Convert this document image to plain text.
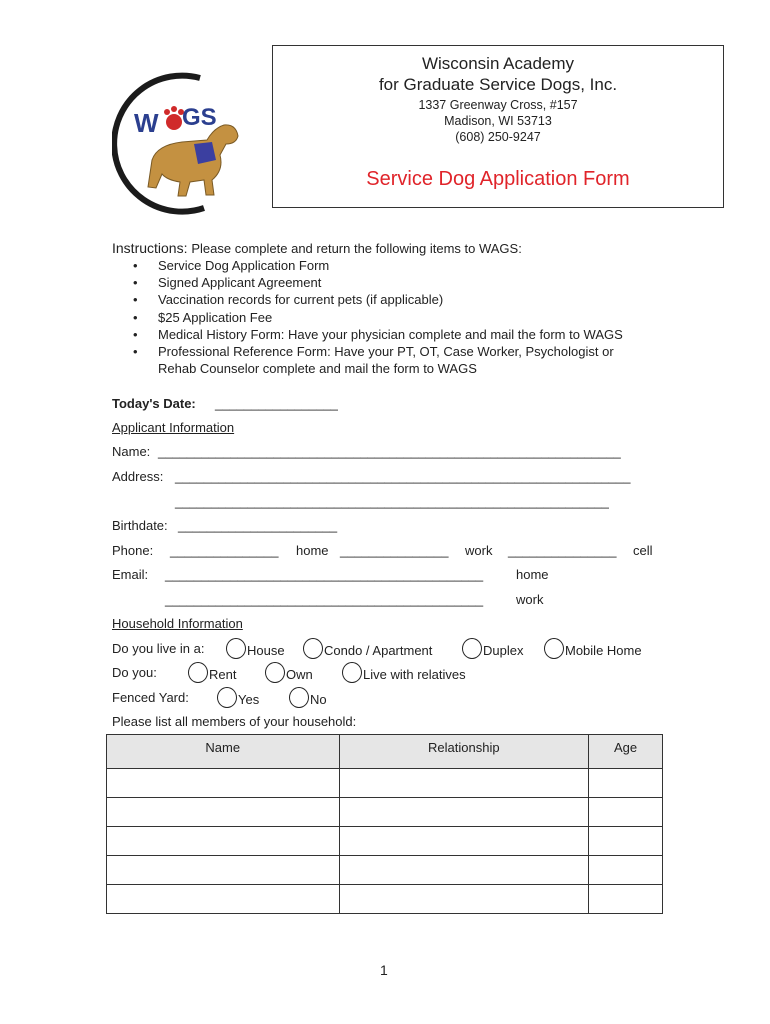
W GS
Wisconsin Academy
for Graduate Service Dogs, Inc.
1337 Greenway Cross, #157
Madison, WI 53713
(608) 250-9247
Service Dog Application Form
Instructions: Please complete and return the following items to WAGS:
• Service Dog Application Form
• Signed Applicant Agreement
• Vaccination records for current pets (if applicable)
• $25 Application Fee
• Medical History Form: Have your physician complete and mail the form to WAGS
• Professional Reference Form: Have your PT, OT, Case Worker, Psychologist or
Rehab Counselor complete and mail the form to WAGS
Today's Date: _________________
Applicant Information
Name: ________________________________________________________________
Address: _______________________________________________________________
____________________________________________________________
Birthdate: ______________________
Phone: _______________ home _______________ work _______________ cell
Email: ____________________________________________	home
____________________________________________	work
Household Information
Do you live in a:	House	Condo / Apartment	Duplex	Mobile Home
Do you:	Rent	Own	Live with relatives
Fenced Yard:	Yes	No
Please list all members of your household:
Name	Relationship	Age

1
